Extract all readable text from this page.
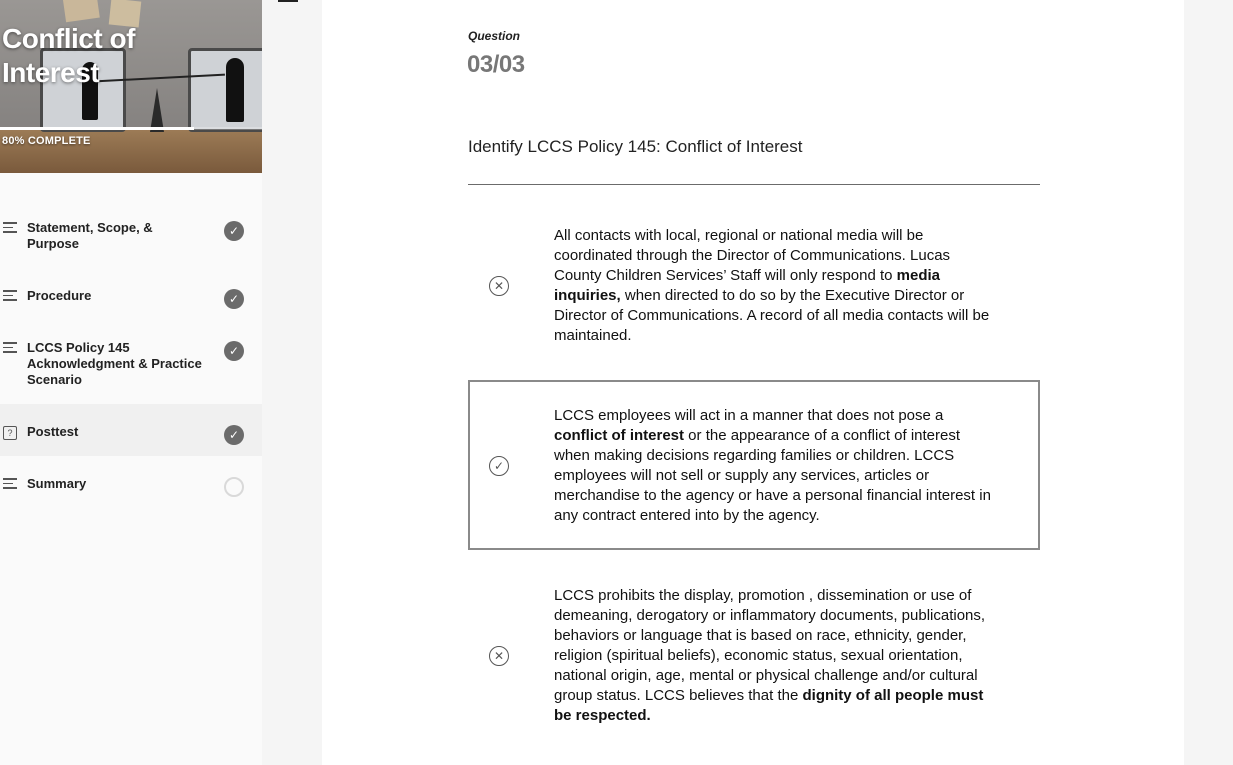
Conflict of Interest
80% COMPLETE
Statement, Scope, & Purpose
✓
Procedure	✓
LCCS Policy 145 Acknowledgment & Practice Scenario
✓
?	Posttest	✓
Summary
Question
03/03
Identify LCCS Policy 145: Conflict of Interest
✕
All contacts with local, regional or national media will be coordinated through the Director of Communications. Lucas County Children Services’ Staff will only respond to media inquiries, when directed to do so by the Executive Director or Director of Communications. A record of all media contacts will be maintained.
✓
LCCS employees will act in a manner that does not pose a conflict of interest or the appearance of a conflict of interest when making decisions regarding families or children. LCCS employees will not sell or supply any services, articles or merchandise to the agency or have a personal financial interest in any contract entered into by the agency.
✕
LCCS prohibits the display, promotion , dissemination or use of demeaning, derogatory or inflammatory documents, publications, behaviors or language that is based on race, ethnicity, gender, religion (spiritual beliefs), economic status, sexual orientation, national origin, age, mental or physical challenge and/or cultural group status. LCCS believes that the dignity of all people must be respected.
